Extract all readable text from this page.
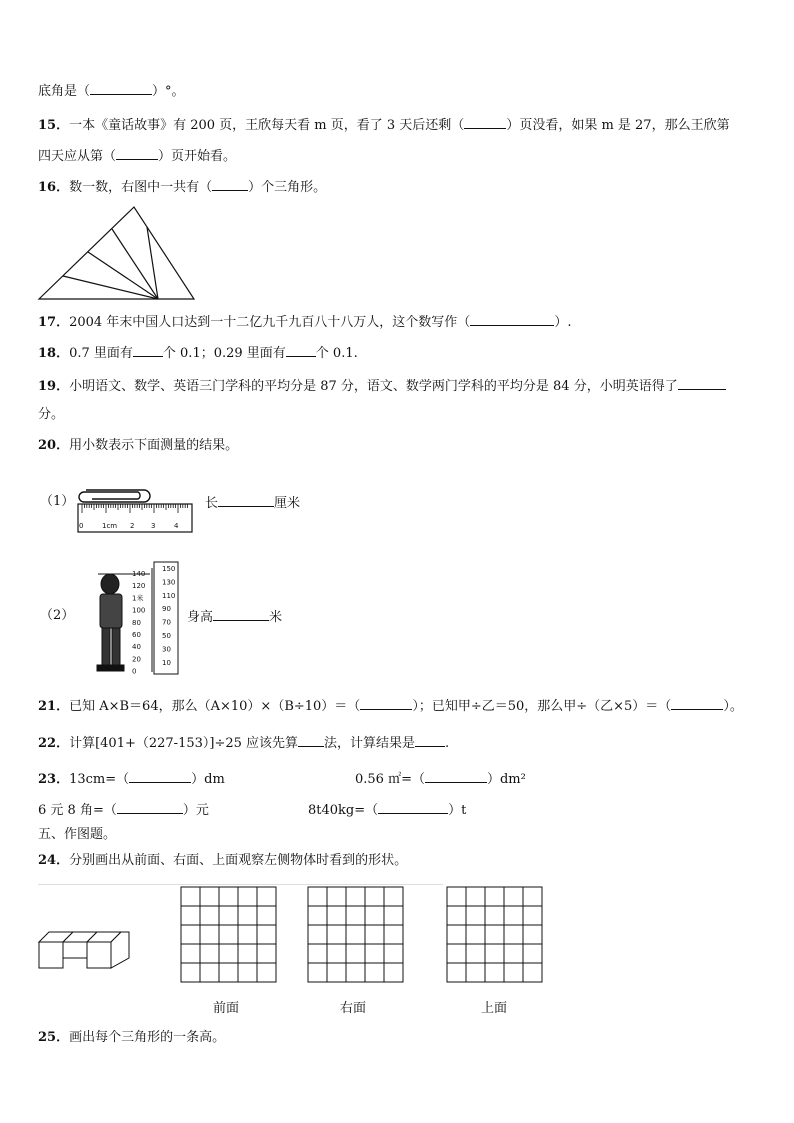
底角是（	）°。
15．一本《童话故事》有 200 页，王欣每天看 m 页，看了 3 天后还剩（	）页没看，如果 m 是 27，那么王欣第
四天应从第（	）页开始看。
16．数一数，右图中一共有（	）个三角形。
17．2004 年末中国人口达到一十二亿九千九百八十八万人，这个数写作（	）.
18．0.7 里面有 个 0.1；0.29 里面有 个 0.1.
19．小明语文、数学、英语三门学科的平均分是 87 分，语文、数学两门学科的平均分是 84 分，小明英语得了
分。
20．用小数表示下面测量的结果。
（1）
0	1cm 2 3	4
长	厘米
（2）
140
120
1米
100
80
60
40
20
0
150
130
110
90
70
50
30
10
身高	米
21．已知 A×B＝64，那么（A×10）×（B÷10）＝（	）；已知甲÷乙＝50，那么甲÷（乙×5）＝（	）。
22．计算[401+（227-153）]÷25 应该先算 法，计算结果是 .
23．13cm=（	）dm	0.56 ㎡=（	）dm²
6 元 8 角=（	）元	8t40kg=（	）t
五、作图题。
24．分别画出从前面、右面、上面观察左侧物体时看到的形状。
前面	右面	上面
25．画出每个三角形的一条高。
